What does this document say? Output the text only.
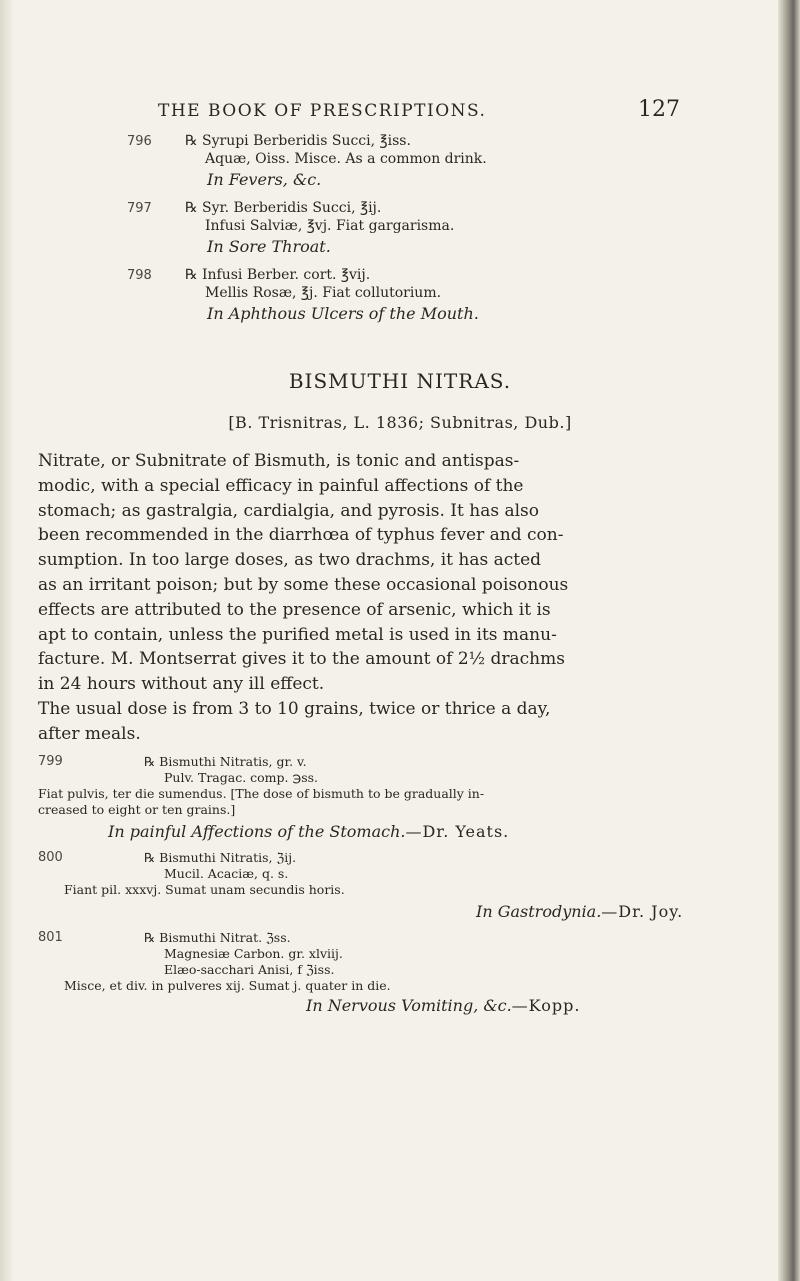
THE BOOK OF PRESCRIPTIONS.	127
796 ℞ Syrupi Berberidis Succi, ℥iss.
Aquæ, Oiss. Misce. As a common drink.
In Fevers, &c.
797 ℞ Syr. Berberidis Succi, ℥ij.
Infusi Salviæ, ℥vj. Fiat gargarisma.
In Sore Throat.
798 ℞ Infusi Berber. cort. ℥vij.
Mellis Rosæ, ℥j. Fiat collutorium.
In Aphthous Ulcers of the Mouth.
BISMUTHI NITRAS.
[B. Trisnitras, L. 1836; Subnitras, Dub.]

Nitrate, or Subnitrate of Bismuth, is tonic and antispas-

modic, with a special efficacy in painful affections of the

stomach; as gastralgia, cardialgia, and pyrosis. It has also

been recommended in the diarrhœa of typhus fever and con-

sumption. In too large doses, as two drachms, it has acted

as an irritant poison; but by some these occasional poisonous

effects are attributed to the presence of arsenic, which it is

apt to contain, unless the purified metal is used in its manu-

facture. M. Montserrat gives it to the amount of 2½ drachms

in 24 hours without any ill effect.

The usual dose is from 3 to 10 grains, twice or thrice a day,

after meals.

799	℞ Bismuthi Nitratis, gr. v.
Pulv. Tragac. comp. ℈ss.
Fiat pulvis, ter die sumendus. [The dose of bismuth to be gradually in-
creased to eight or ten grains.]
In painful Affections of the Stomach.—Dr. Yeats.
800	℞ Bismuthi Nitratis, ℨij.
Mucil. Acaciæ, q. s.
Fiant pil. xxxvj. Sumat unam secundis horis.
In Gastrodynia.—Dr. Joy.
801	℞ Bismuthi Nitrat. ℨss.
Magnesiæ Carbon. gr. xlviij.
Elæo-sacchari Anisi, f ℨiss.
Misce, et div. in pulveres xij. Sumat j. quater in die.
In Nervous Vomiting, &c.—Kopp.
